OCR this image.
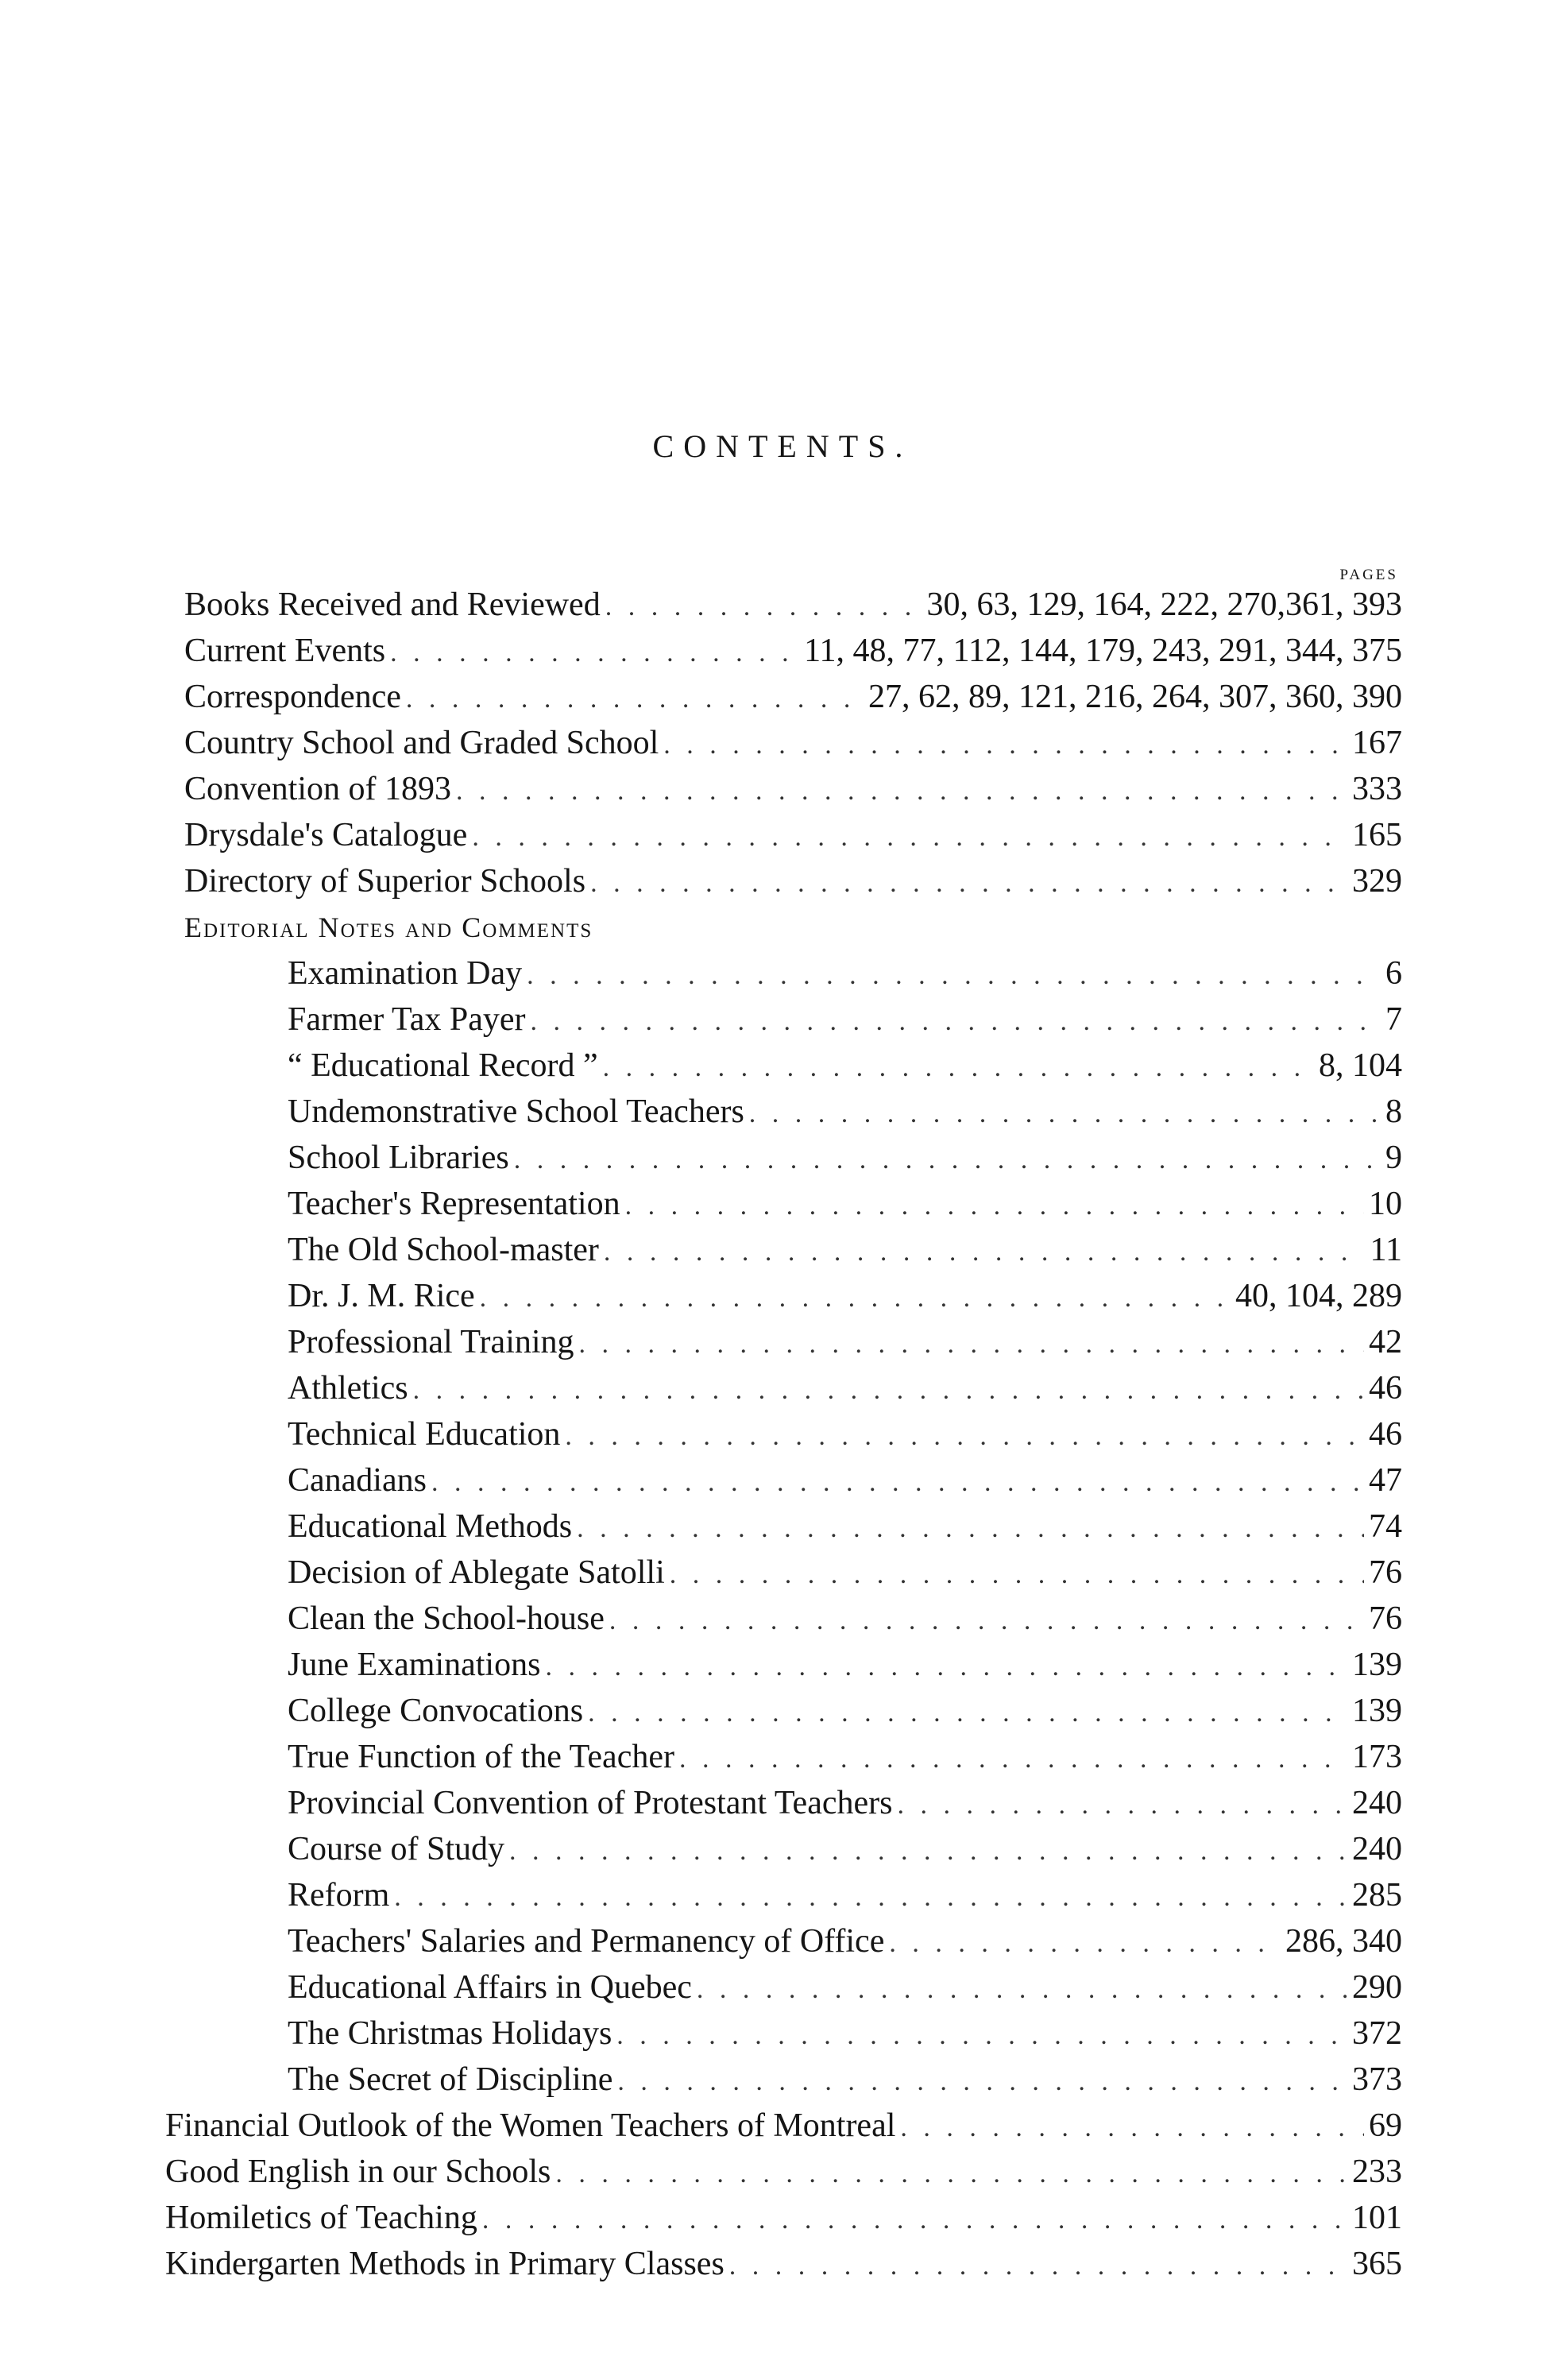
CONTENTS.
PAGES
Books Received and Reviewed . . .	30, 63, 129, 164, 222, 270,361, 393
Current Events . . .	11, 48, 77, 112, 144, 179, 243, 291, 344, 375
Correspondence . . .	27, 62, 89, 121, 216, 264, 307, 360, 390
Country School and Graded School . . .	167
Convention of 1893 . . .	333
Drysdale's Catalogue . . .	165
Directory of Superior Schools . . .	329
Editorial Notes and Comments
Examination Day . . .	6
Farmer Tax Payer . . .	7
“ Educational Record ” . . .	8, 104
Undemonstrative School Teachers . . .	8
School Libraries . . .	9
Teacher's Representation . . .	10
The Old School-master . . .	11
Dr. J. M. Rice . . .	40, 104, 289
Professional Training . . .	42
Athletics . . .	46
Technical Education . . .	46
Canadians . . .	47
Educational Methods . . .	74
Decision of Ablegate Satolli . . .	76
Clean the School-house . . .	76
June Examinations . . .	139
College Convocations . . .	139
True Function of the Teacher . . .	173
Provincial Convention of Protestant Teachers . . .	240
Course of Study . . .	240
Reform . . .	285
Teachers' Salaries and Permanency of Office . . .	286, 340
Educational Affairs in Quebec . . .	290
The Christmas Holidays . . .	372
The Secret of Discipline . . .	373
Financial Outlook of the Women Teachers of Montreal . . .	69
Good English in our Schools . . .	233
Homiletics of Teaching . . .	101
Kindergarten Methods in Primary Classes . . .	365
